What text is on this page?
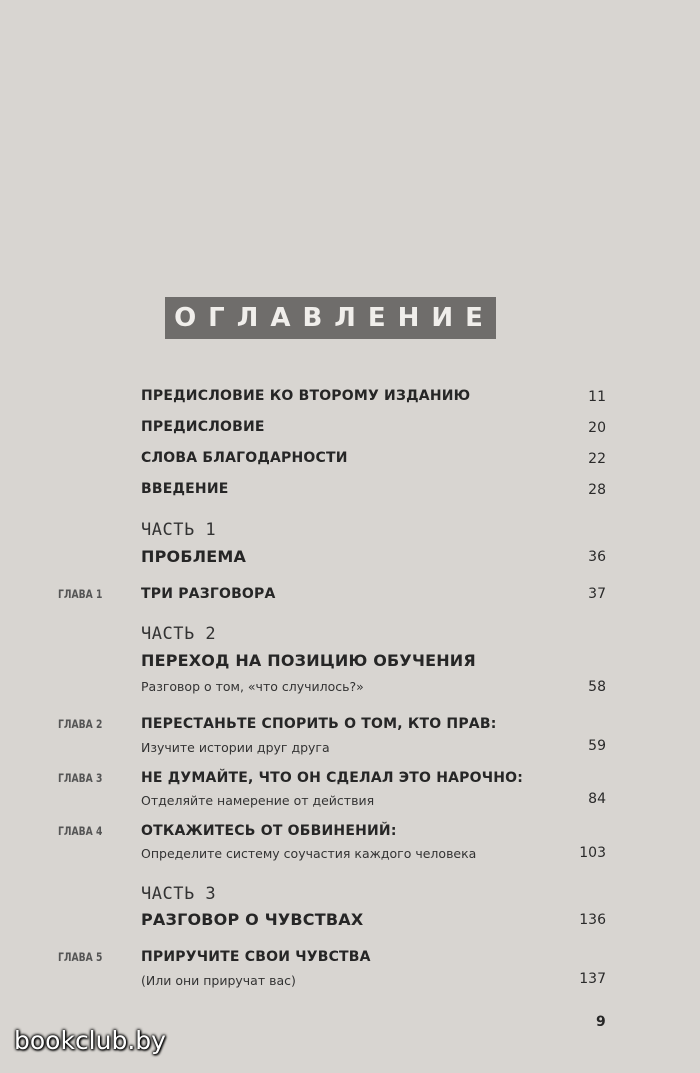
ОГЛАВЛЕНИЕ
ПРЕДИСЛОВИЕ КО ВТОРОМУ ИЗДАНИЮ	11
ПРЕДИСЛОВИЕ	20
СЛОВА БЛАГОДАРНОСТИ	22
ВВЕДЕНИЕ	28
ЧАСТЬ 1
ПРОБЛЕМА	36
ГЛАВА 1	ТРИ РАЗГОВОРА	37
ЧАСТЬ 2
ПЕРЕХОД НА ПОЗИЦИЮ ОБУЧЕНИЯ
Разговор о том, «что случилось?»	58
ГЛАВА 2	ПЕРЕСТАНЬТЕ СПОРИТЬ О ТОМ, КТО ПРАВ:
Изучите истории друг друга	59
ГЛАВА 3	НЕ ДУМАЙТЕ, ЧТО ОН СДЕЛАЛ ЭТО НАРОЧНО:
Отделяйте намерение от действия	84
ГЛАВА 4	ОТКАЖИТЕСЬ ОТ ОБВИНЕНИЙ:
Определите систему соучастия каждого человека	103
ЧАСТЬ 3
РАЗГОВОР О ЧУВСТВАХ	136
ГЛАВА 5	ПРИРУЧИТЕ СВОИ ЧУВСТВА
(Или они приручат вас)	137
9
bookclub.by
